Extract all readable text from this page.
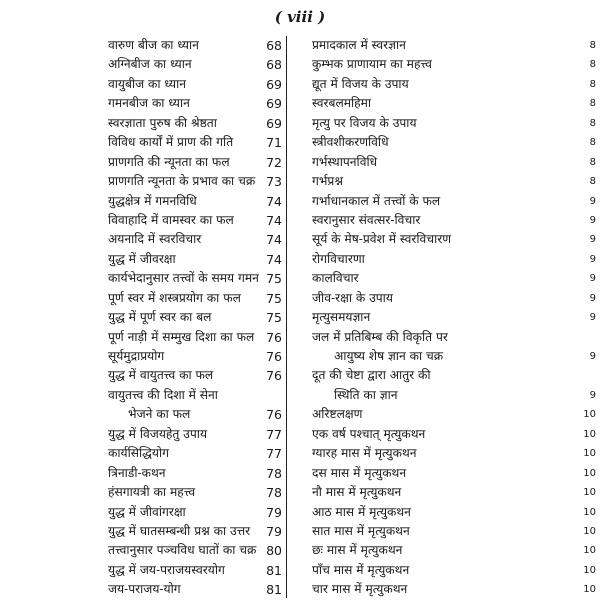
( viii )
वारुण बीज का ध्यान	68
अग्निबीज का ध्यान	68
वायुबीज का ध्यान	69
गमनबीज का ध्यान	69
स्वरज्ञाता पुरुष की श्रेष्ठता	69
विविध कार्यों में प्राण की गति	71
प्राणगति की न्यूनता का फल	72
प्राणगति न्यूनता के प्रभाव का चक्र 73
युद्धक्षेत्र में गमनविधि	74
विवाहादि में वामस्वर का फल	74
अयनादि में स्वरविचार	74
युद्ध में जीवरक्षा	74
कार्यभेदानुसार तत्त्वों के समय गमन 75
पूर्ण स्वर में शस्त्रप्रयोग का फल 75
युद्ध में पूर्ण स्वर का बल	75
पूर्ण नाड़ी में सम्मुख दिशा का फल 76
सूर्यमुद्राप्रयोग	76
युद्ध में वायुतत्त्व का फल	76
वायुतत्त्व की दिशा में सेना
भेजने का फल	76
युद्ध में विजयहेतु उपाय	77
कार्यसिद्धियोग	77
त्रिनाडी-कथन	78
हंसगायत्री का महत्त्व	78
युद्ध में जीवांगरक्षा	79
युद्ध में घातसम्बन्धी प्रश्न का उत्तर 79
तत्त्वानुसार पञ्चविध घातों का चक्र 80
युद्ध में जय-पराजयस्वरयोग	81
जय-पराजय-योग	81
प्रमादकाल में स्वरज्ञान	8
कुम्भक प्राणायाम का महत्त्व	8
द्यूत में विजय के उपाय	8
स्वरबलमहिमा	8
मृत्यु पर विजय के उपाय	8
स्त्रीवशीकरणविधि	8
गर्भस्थापनविधि	8
गर्भप्रश्न	8
गर्भाधानकाल में तत्त्वों के फल	9
स्वरानुसार संवत्सर-विचार	9
सूर्य के मेष-प्रवेश में स्वरविचारण	9
रोगविचारणा	9
कालविचार	9
जीव-रक्षा के उपाय	9
मृत्युसमयज्ञान	9
जल में प्रतिबिम्ब की विकृति पर
आयुष्य शेष ज्ञान का चक्र	9
दूत की चेष्टा द्वारा आतुर की
स्थिति का ज्ञान	9
अरिष्टलक्षण	10
एक वर्ष पश्चात् मृत्युकथन	10
ग्यारह मास में मृत्युकथन	10
दस मास में मृत्युकथन	10
नौ मास में मृत्युकथन	10
आठ मास में मृत्युकथन	10
सात मास में मृत्युकथन	10
छः मास में मृत्युकथन	10
पाँच मास में मृत्युकथन	10
चार मास में मृत्युकथन	10
